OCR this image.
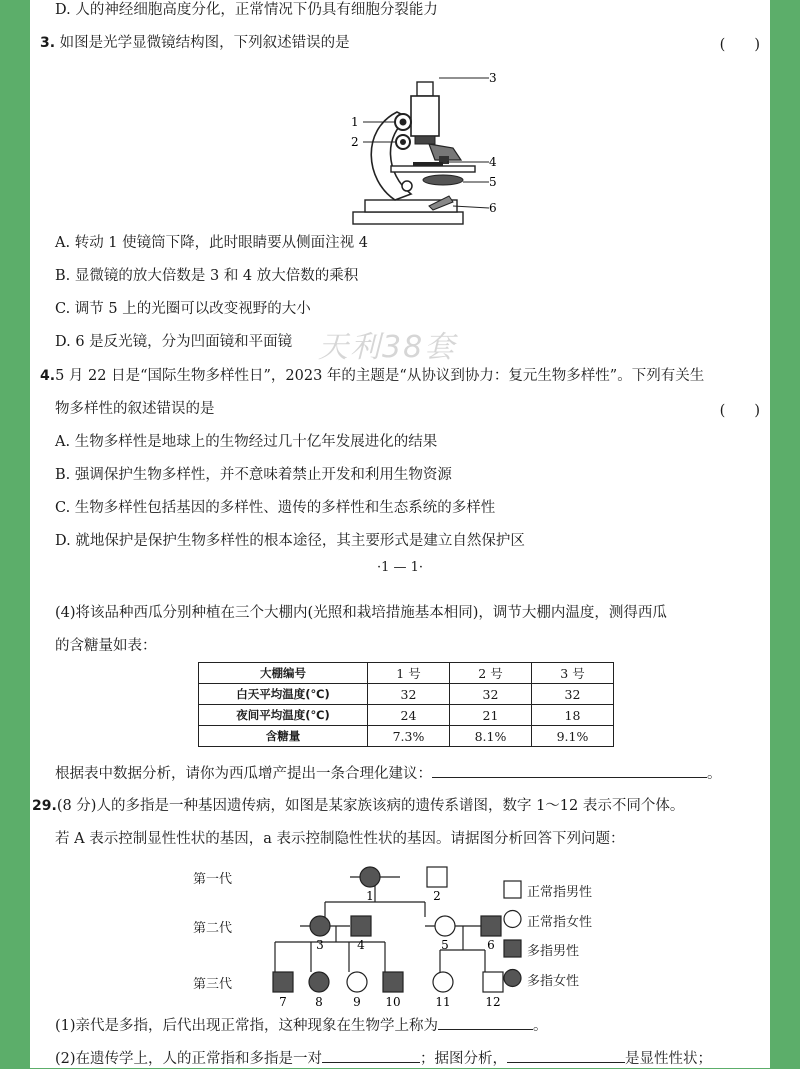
D. 人的神经细胞高度分化，正常情况下仍具有细胞分裂能力
3. 如图是光学显微镜结构图，下列叙述错误的是	(　　)
3
1
2
4
5
6
A. 转动 1 使镜筒下降，此时眼睛要从侧面注视 4
B. 显微镜的放大倍数是 3 和 4 放大倍数的乘积
C. 调节 5 上的光圈可以改变视野的大小
D. 6 是反光镜，分为凹面镜和平面镜 天利38套
4.5 月 22 日是“国际生物多样性日”，2023 年的主题是“从协议到协力：复元生物多样性”。下列有关生
物多样性的叙述错误的是	(　　)
A. 生物多样性是地球上的生物经过几十亿年发展进化的结果
B. 强调保护生物多样性，并不意味着禁止开发和利用生物资源
C. 生物多样性包括基因的多样性、遗传的多样性和生态系统的多样性
D. 就地保护是保护生物多样性的根本途径，其主要形式是建立自然保护区
·1 — 1·
(4)将该品种西瓜分别种植在三个大棚内(光照和栽培措施基本相同)，调节大棚内温度，测得西瓜
的含糖量如表：
大棚编号	1 号	2 号	3 号
白天平均温度(℃)	32	32	32
夜间平均温度(℃)	24	21	18
含糖量	7.3%	8.1%	9.1%
根据表中数据分析，请你为西瓜增产提出一条合理化建议：	。
29.(8 分)人的多指是一种基因遗传病，如图是某家族该病的遗传系谱图，数字 1～12 表示不同个体。
若 A 表示控制显性性状的基因，a 表示控制隐性性状的基因。请据图分析回答下列问题：
第一代
第二代
第三代
1	2
3	4	5	6
7 8	9 10	11	12
正常指男性
正常指女性
多指男性
多指女性
(1)亲代是多指，后代出现正常指，这种现象在生物学上称为	。
(2)在遗传学上，人的正常指和多指是一对	；据图分析，	是显性性状；
